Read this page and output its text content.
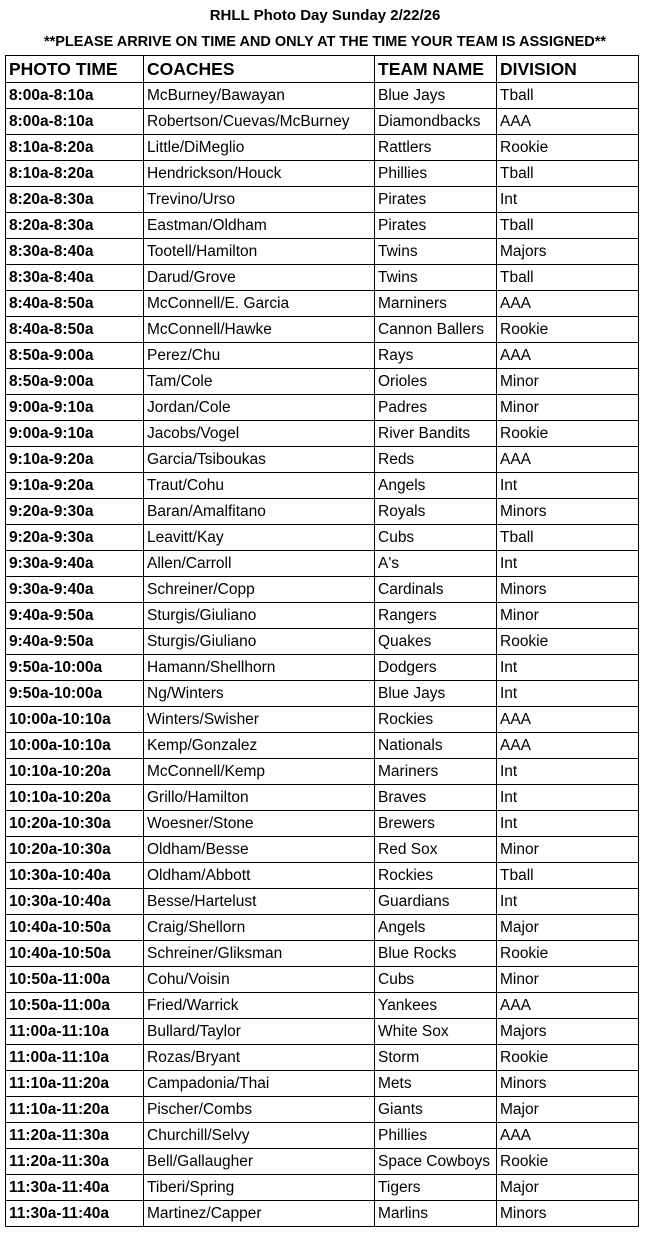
RHLL Photo Day Sunday 2/22/26
**PLEASE ARRIVE ON TIME AND ONLY AT THE TIME YOUR TEAM IS ASSIGNED**
PHOTO TIME	COACHES	TEAM NAME	DIVISION
8:00a-8:10a	McBurney/Bawayan	Blue Jays	Tball
8:00a-8:10a	Robertson/Cuevas/McBurney	Diamondbacks	AAA
8:10a-8:20a	Little/DiMeglio	Rattlers	Rookie
8:10a-8:20a	Hendrickson/Houck	Phillies	Tball
8:20a-8:30a	Trevino/Urso	Pirates	Int
8:20a-8:30a	Eastman/Oldham	Pirates	Tball
8:30a-8:40a	Tootell/Hamilton	Twins	Majors
8:30a-8:40a	Darud/Grove	Twins	Tball
8:40a-8:50a	McConnell/E. Garcia	Marniners	AAA
8:40a-8:50a	McConnell/Hawke	Cannon Ballers	Rookie
8:50a-9:00a	Perez/Chu	Rays	AAA
8:50a-9:00a	Tam/Cole	Orioles	Minor
9:00a-9:10a	Jordan/Cole	Padres	Minor
9:00a-9:10a	Jacobs/Vogel	River Bandits	Rookie
9:10a-9:20a	Garcia/Tsiboukas	Reds	AAA
9:10a-9:20a	Traut/Cohu	Angels	Int
9:20a-9:30a	Baran/Amalfitano	Royals	Minors
9:20a-9:30a	Leavitt/Kay	Cubs	Tball
9:30a-9:40a	Allen/Carroll	A's	Int
9:30a-9:40a	Schreiner/Copp	Cardinals	Minors
9:40a-9:50a	Sturgis/Giuliano	Rangers	Minor
9:40a-9:50a	Sturgis/Giuliano	Quakes	Rookie
9:50a-10:00a	Hamann/Shellhorn	Dodgers	Int
9:50a-10:00a	Ng/Winters	Blue Jays	Int
10:00a-10:10a	Winters/Swisher	Rockies	AAA
10:00a-10:10a	Kemp/Gonzalez	Nationals	AAA
10:10a-10:20a	McConnell/Kemp	Mariners	Int
10:10a-10:20a	Grillo/Hamilton	Braves	Int
10:20a-10:30a	Woesner/Stone	Brewers	Int
10:20a-10:30a	Oldham/Besse	Red Sox	Minor
10:30a-10:40a	Oldham/Abbott	Rockies	Tball
10:30a-10:40a	Besse/Hartelust	Guardians	Int
10:40a-10:50a	Craig/Shellorn	Angels	Major
10:40a-10:50a	Schreiner/Gliksman	Blue Rocks	Rookie
10:50a-11:00a	Cohu/Voisin	Cubs	Minor
10:50a-11:00a	Fried/Warrick	Yankees	AAA
11:00a-11:10a	Bullard/Taylor	White Sox	Majors
11:00a-11:10a	Rozas/Bryant	Storm	Rookie
11:10a-11:20a	Campadonia/Thai	Mets	Minors
11:10a-11:20a	Pischer/Combs	Giants	Major
11:20a-11:30a	Churchill/Selvy	Phillies	AAA
11:20a-11:30a	Bell/Gallaugher	Space Cowboys	Rookie
11:30a-11:40a	Tiberi/Spring	Tigers	Major
11:30a-11:40a	Martinez/Capper	Marlins	Minors
